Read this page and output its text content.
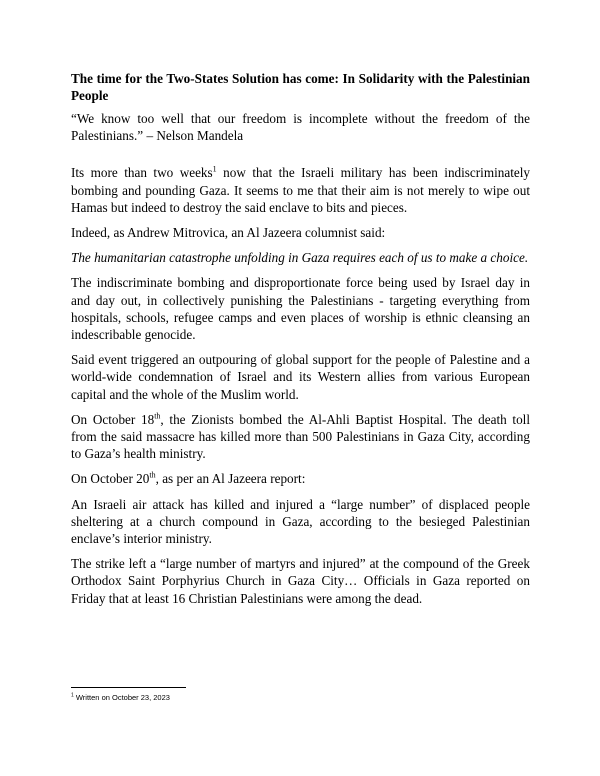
The time for the Two-States Solution has come: In Solidarity with the Palestinian People

“We know too well that our freedom is incomplete without the freedom of the Palestinians.” – Nelson Mandela

Its more than two weeks$^1$ now that the Israeli military has been indiscriminately bombing and pounding Gaza. It seems to me that their aim is not merely to wipe out Hamas but indeed to destroy the said enclave to bits and pieces.

Indeed, as Andrew Mitrovica, an Al Jazeera columnist said:

The humanitarian catastrophe unfolding in Gaza requires each of us to make a choice.

The indiscriminate bombing and disproportionate force being used by Israel day in and day out, in collectively punishing the Palestinians - targeting everything from hospitals, schools, refugee camps and even places of worship is ethnic cleansing an indescribable genocide.

Said event triggered an outpouring of global support for the people of Palestine and a world-wide condemnation of Israel and its Western allies from various European capital and the whole of the Muslim world.

On October 18th, the Zionists bombed the Al-Ahli Baptist Hospital. The death toll from the said massacre has killed more than 500 Palestinians in Gaza City, according to Gaza’s health ministry.

On October 20th, as per an Al Jazeera report:

An Israeli air attack has killed and injured a “large number” of displaced people sheltering at a church compound in Gaza, according to the besieged Palestinian enclave’s interior ministry.

The strike left a “large number of martyrs and injured” at the compound of the Greek Orthodox Saint Porphyrius Church in Gaza City… Officials in Gaza reported on Friday that at least 16 Christian Palestinians were among the dead.

$^1$ Written on October 23, 2023
